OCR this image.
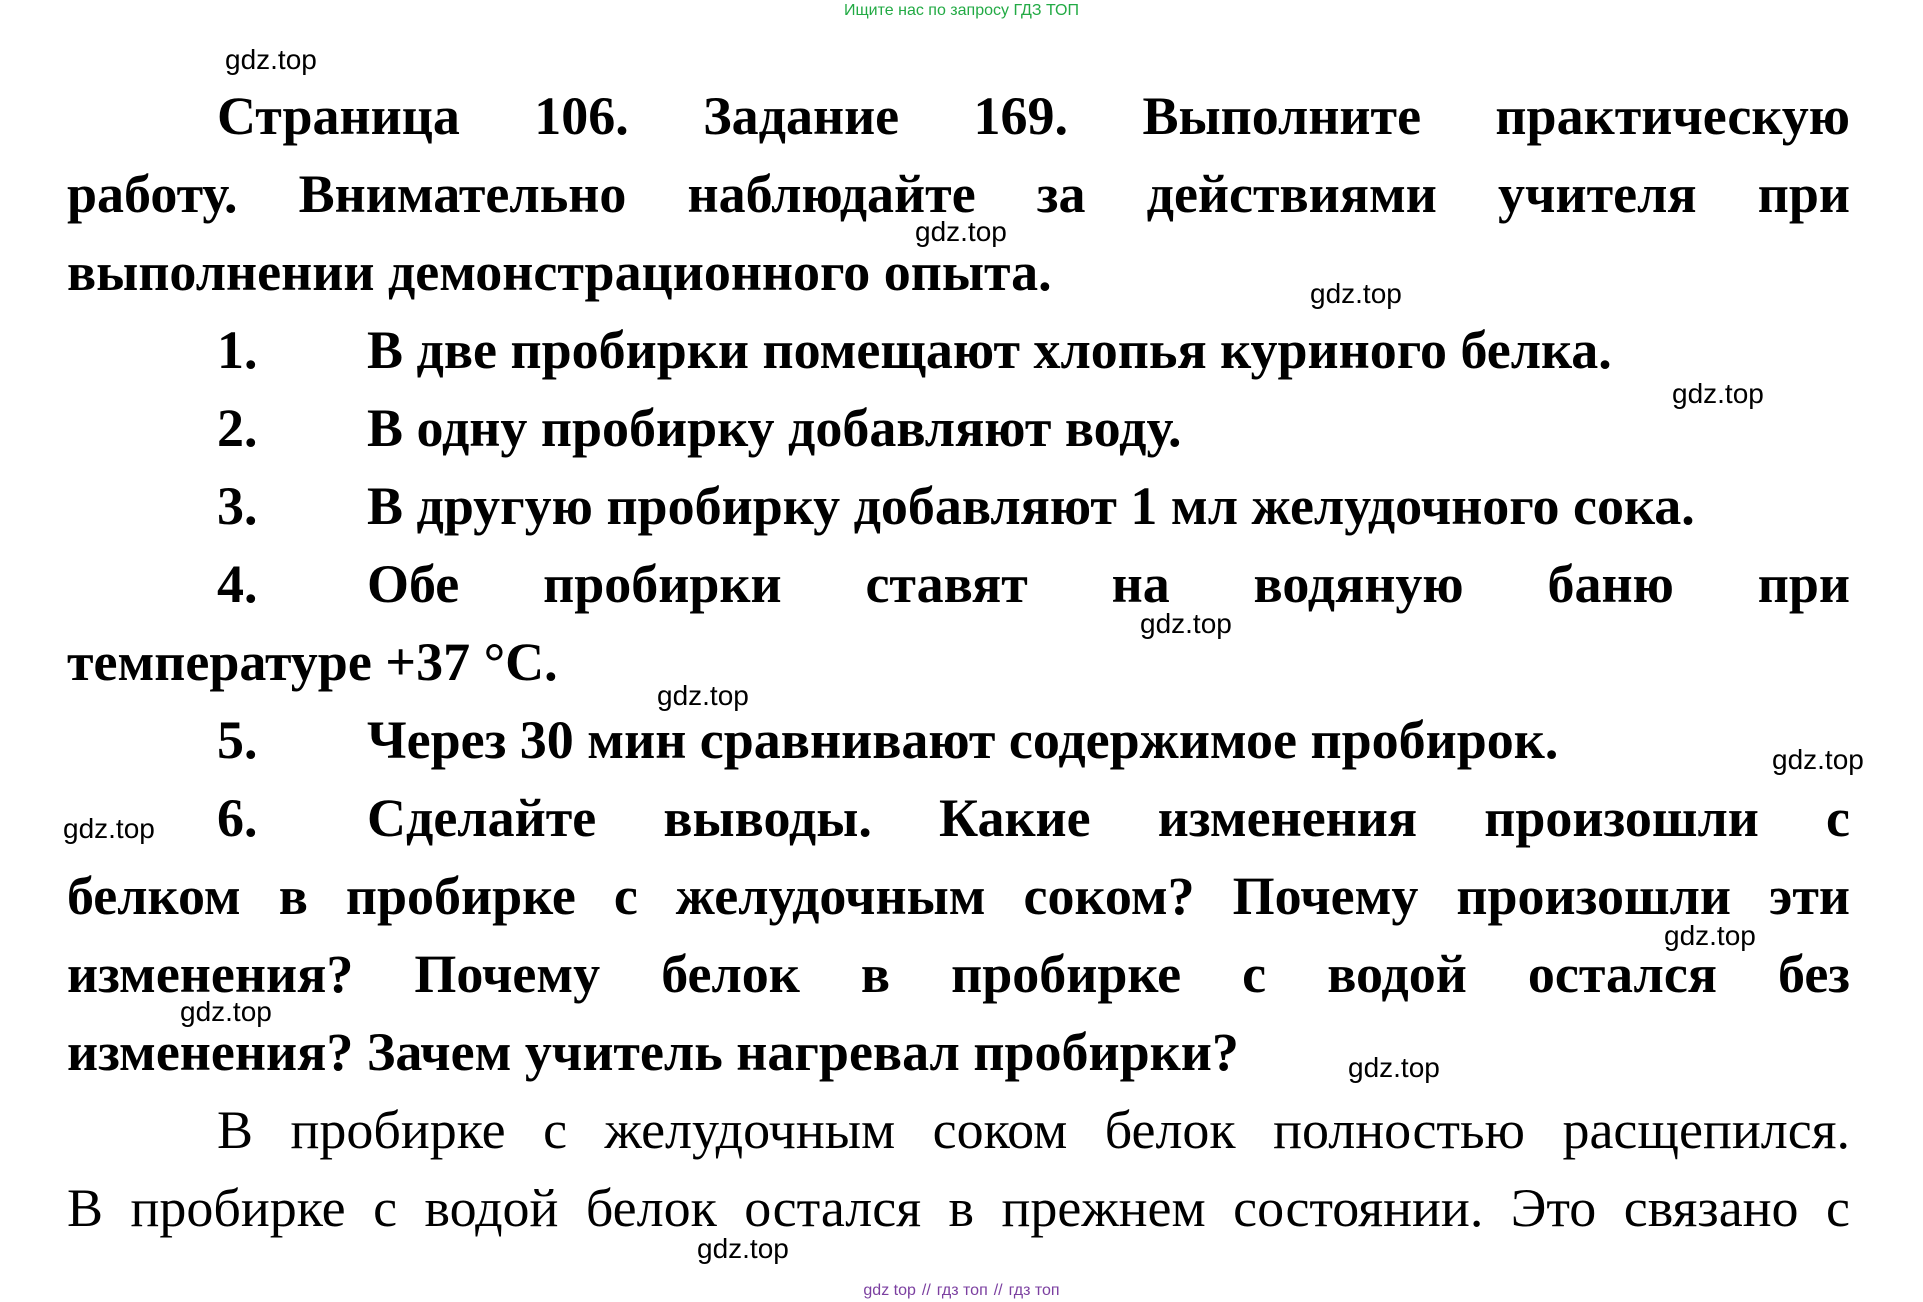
Ищите нас по запросу ГДЗ ТОП
gdz.top
gdz.top
gdz.top
gdz.top
gdz.top
gdz.top
gdz.top
gdz.top
gdz.top
gdz.top
gdz.top
gdz.top
Страница 106. Задание 169. Выполните практическую
работу. Внимательно наблюдайте за действиями учителя при
выполнении демонстрационного опыта.
1. В две пробирки помещают хлопья куриного белка.
2. В одну пробирку добавляют воду.
3. В другую пробирку добавляют 1 мл желудочного сока.
4.	Обе пробирки ставят на водяную баню при
температуре +37 °С.
5. Через 30 мин сравнивают содержимое пробирок.
6.	Сделайте выводы. Какие изменения произошли с
белком в пробирке с желудочным соком? Почему произошли эти
изменения? Почему белок в пробирке с водой остался без
изменения? Зачем учитель нагревал пробирки?
В пробирке с желудочным соком белок полностью расщепился.
В пробирке с водой белок остался в прежнем состоянии. Это связано с
gdz top // гдз топ // гдз топ
